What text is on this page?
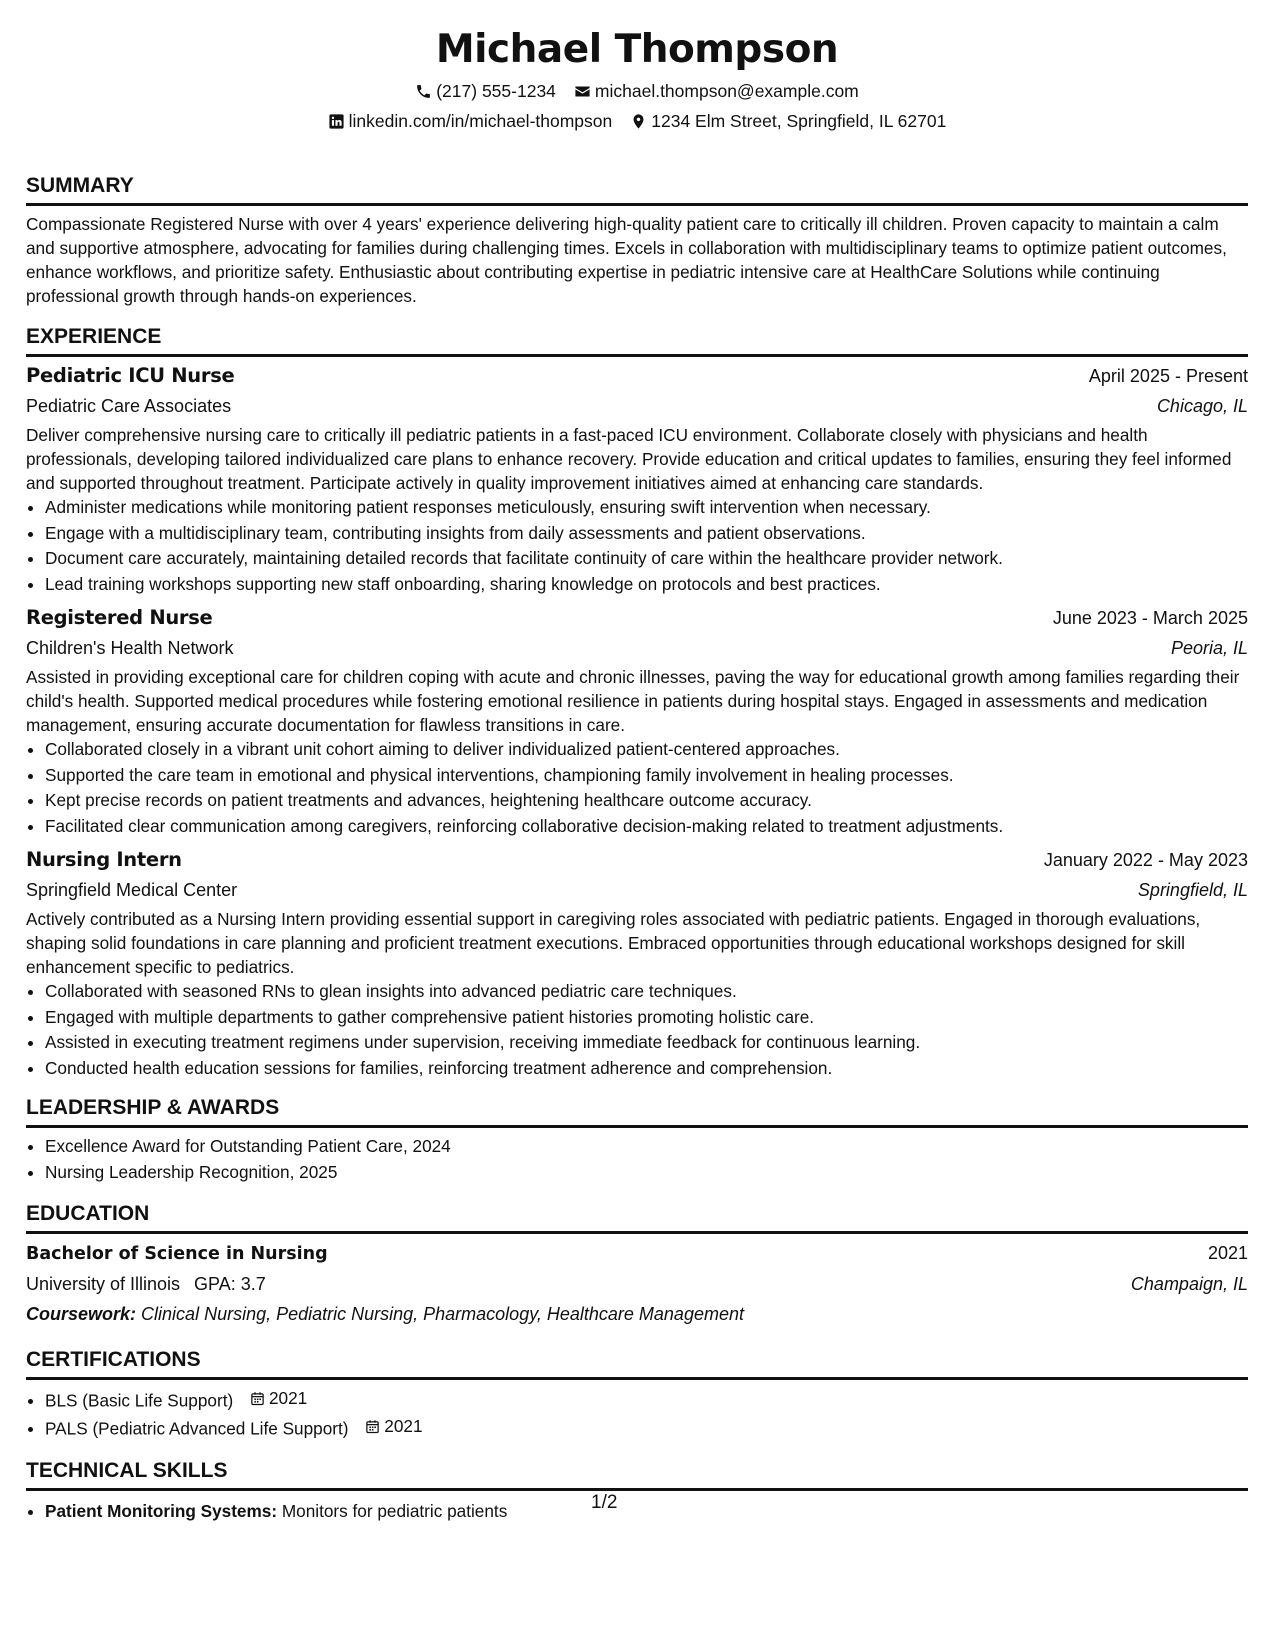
Michael Thompson
(217) 555-1234 michael.thompson@example.com
linkedin.com/in/michael-thompson 1234 Elm Street, Springfield, IL 62701
SUMMARY
Compassionate Registered Nurse with over 4 years' experience delivering high-quality patient care to critically ill children. Proven capacity to maintain a calm and supportive atmosphere, advocating for families during challenging times. Excels in collaboration with multidisciplinary teams to optimize patient outcomes, enhance workflows, and prioritize safety. Enthusiastic about contributing expertise in pediatric intensive care at HealthCare Solutions while continuing professional growth through hands-on experiences.
EXPERIENCE
Pediatric ICU Nurse	April 2025 - Present
Pediatric Care Associates	Chicago, IL
Deliver comprehensive nursing care to critically ill pediatric patients in a fast-paced ICU environment. Collaborate closely with physicians and health professionals, developing tailored individualized care plans to enhance recovery. Provide education and critical updates to families, ensuring they feel informed and supported throughout treatment. Participate actively in quality improvement initiatives aimed at enhancing care standards.
• Administer medications while monitoring patient responses meticulously, ensuring swift intervention when necessary.
• Engage with a multidisciplinary team, contributing insights from daily assessments and patient observations.
• Document care accurately, maintaining detailed records that facilitate continuity of care within the healthcare provider network.
• Lead training workshops supporting new staff onboarding, sharing knowledge on protocols and best practices.
Registered Nurse	June 2023 - March 2025
Children's Health Network	Peoria, IL
Assisted in providing exceptional care for children coping with acute and chronic illnesses, paving the way for educational growth among families regarding their child's health. Supported medical procedures while fostering emotional resilience in patients during hospital stays. Engaged in assessments and medication management, ensuring accurate documentation for flawless transitions in care.
• Collaborated closely in a vibrant unit cohort aiming to deliver individualized patient-centered approaches.
• Supported the care team in emotional and physical interventions, championing family involvement in healing processes.
• Kept precise records on patient treatments and advances, heightening healthcare outcome accuracy.
• Facilitated clear communication among caregivers, reinforcing collaborative decision-making related to treatment adjustments.
Nursing Intern	January 2022 - May 2023
Springfield Medical Center	Springfield, IL
Actively contributed as a Nursing Intern providing essential support in caregiving roles associated with pediatric patients. Engaged in thorough evaluations, shaping solid foundations in care planning and proficient treatment executions. Embraced opportunities through educational workshops designed for skill enhancement specific to pediatrics.
• Collaborated with seasoned RNs to glean insights into advanced pediatric care techniques.
• Engaged with multiple departments to gather comprehensive patient histories promoting holistic care.
• Assisted in executing treatment regimens under supervision, receiving immediate feedback for continuous learning.
• Conducted health education sessions for families, reinforcing treatment adherence and comprehension.
LEADERSHIP & AWARDS
• Excellence Award for Outstanding Patient Care, 2024
• Nursing Leadership Recognition, 2025
EDUCATION
Bachelor of Science in Nursing	2021
University of Illinois GPA: 3.7	Champaign, IL
Coursework: Clinical Nursing, Pediatric Nursing, Pharmacology, Healthcare Management
CERTIFICATIONS
• BLS (Basic Life Support) 2021
• PALS (Pediatric Advanced Life Support) 2021
TECHNICAL SKILLS
• Patient Monitoring Systems: Monitors for pediatric patients	1/2
